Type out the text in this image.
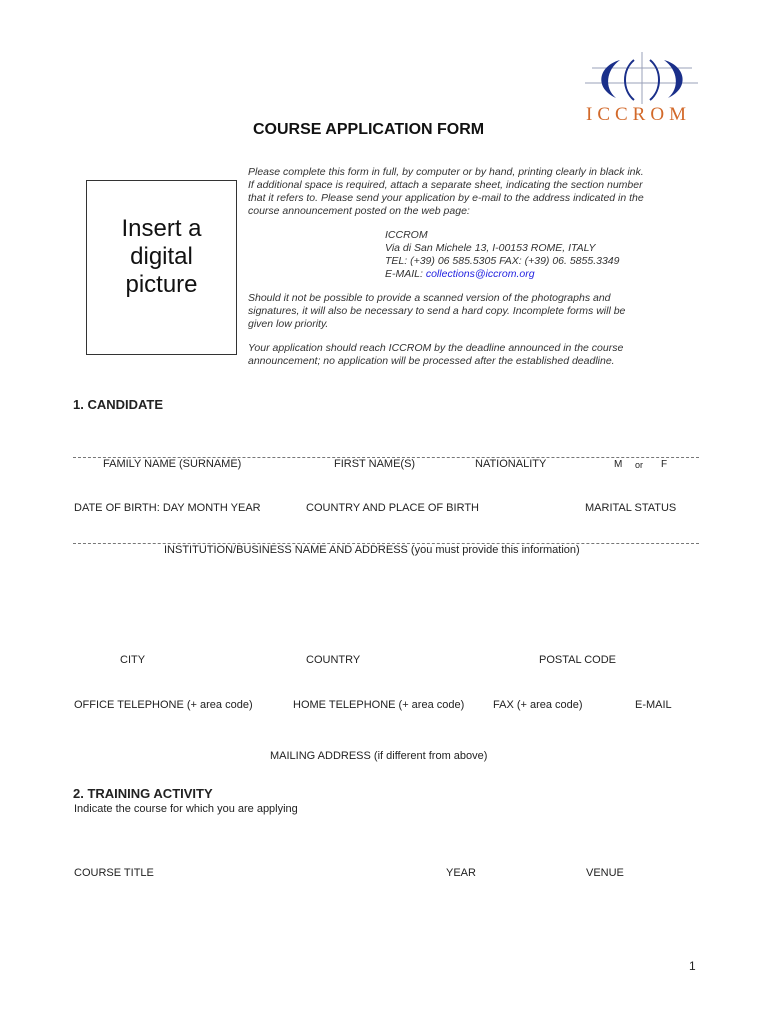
ICCROM
COURSE APPLICATION FORM
Insert a
digital
picture
Please complete this form in full, by computer or by hand, printing clearly in black ink.
If additional space is required, attach a separate sheet, indicating the section number
that it refers to. Please send your application by e-mail to the address indicated in the
course announcement posted on the web page:
ICCROM
Via di San Michele 13, I-00153 ROME, ITALY
TEL: (+39) 06 585.5305 FAX: (+39) 06. 5855.3349
E-MAIL: collections@iccrom.org
Should it not be possible to provide a scanned version of the photographs and
signatures, it will also be necessary to send a hard copy. Incomplete forms will be
given low priority.
Your application should reach ICCROM by the deadline announced in the course
announcement; no application will be processed after the established deadline.
1. CANDIDATE
FAMILY NAME (SURNAME)	FIRST NAME(S)	NATIONALITY	M or F
DATE OF BIRTH: DAY MONTH YEAR	COUNTRY AND PLACE OF BIRTH	MARITAL STATUS
INSTITUTION/BUSINESS NAME AND ADDRESS (you must provide this information)
CITY	COUNTRY	POSTAL CODE
OFFICE TELEPHONE (+ area code)	HOME TELEPHONE (+ area code)	FAX (+ area code)	E-MAIL
MAILING ADDRESS (if different from above)
2. TRAINING ACTIVITY
Indicate the course for which you are applying
COURSE TITLE	YEAR	VENUE
1
